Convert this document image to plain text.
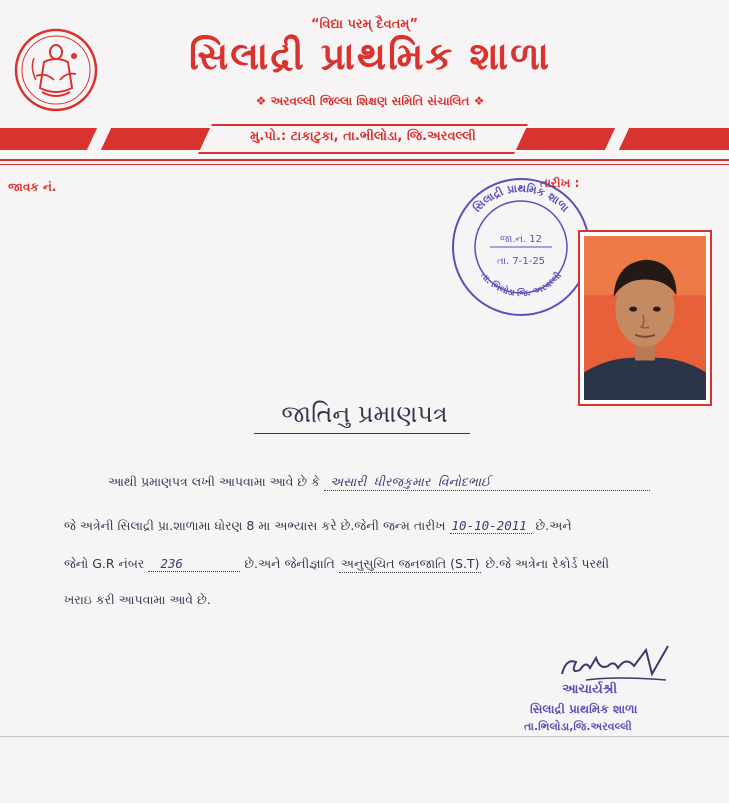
“વિદ્યા પરમ્ દૈવતમ્”
સિલાદ્રી પ્રાથમિક શાળા
❖ અરવલ્લી જિલ્લા શિક્ષણ સમિતિ સંચાલિત ❖
મુ.પો.: ટાકાટુકા, તા.ભીલોડા, જિ.અરવલ્લી
જાવક નં.	તારીખ :
સિલાદ્રી પ્રાથમિક શાળા
તા. ભિલોડા જિ. અરવલ્લી
જા.નં. 12
તા. 7-1-25
જાતિનુ પ્રમાણપત્ર
આથી પ્રમાણપત્ર લખી આપવામા આવે છે કે અસારી ધીરજકુમાર વિનોદભાઈ
જે અત્રેની સિલાદ્રી પ્રા.શાળામા ધોરણ 8 મા અભ્યાસ કરે છે.જેની જન્મ તારીખ 10-10-2011 છે.અને
જેનો G.R નંબર 236	છે.અને જેનીજ્ઞાતિ અનુસુચિત જનજાતિ (S.T) છે.જે અત્રેના રેકોર્ડ પરથી
ખરાઇ કરી આપવામા આવે છે.
આચાર્યશ્રી
સિલાદ્રી પ્રાથમિક શાળા
તા.ભિલોડા,જિ.અરવલ્લી
